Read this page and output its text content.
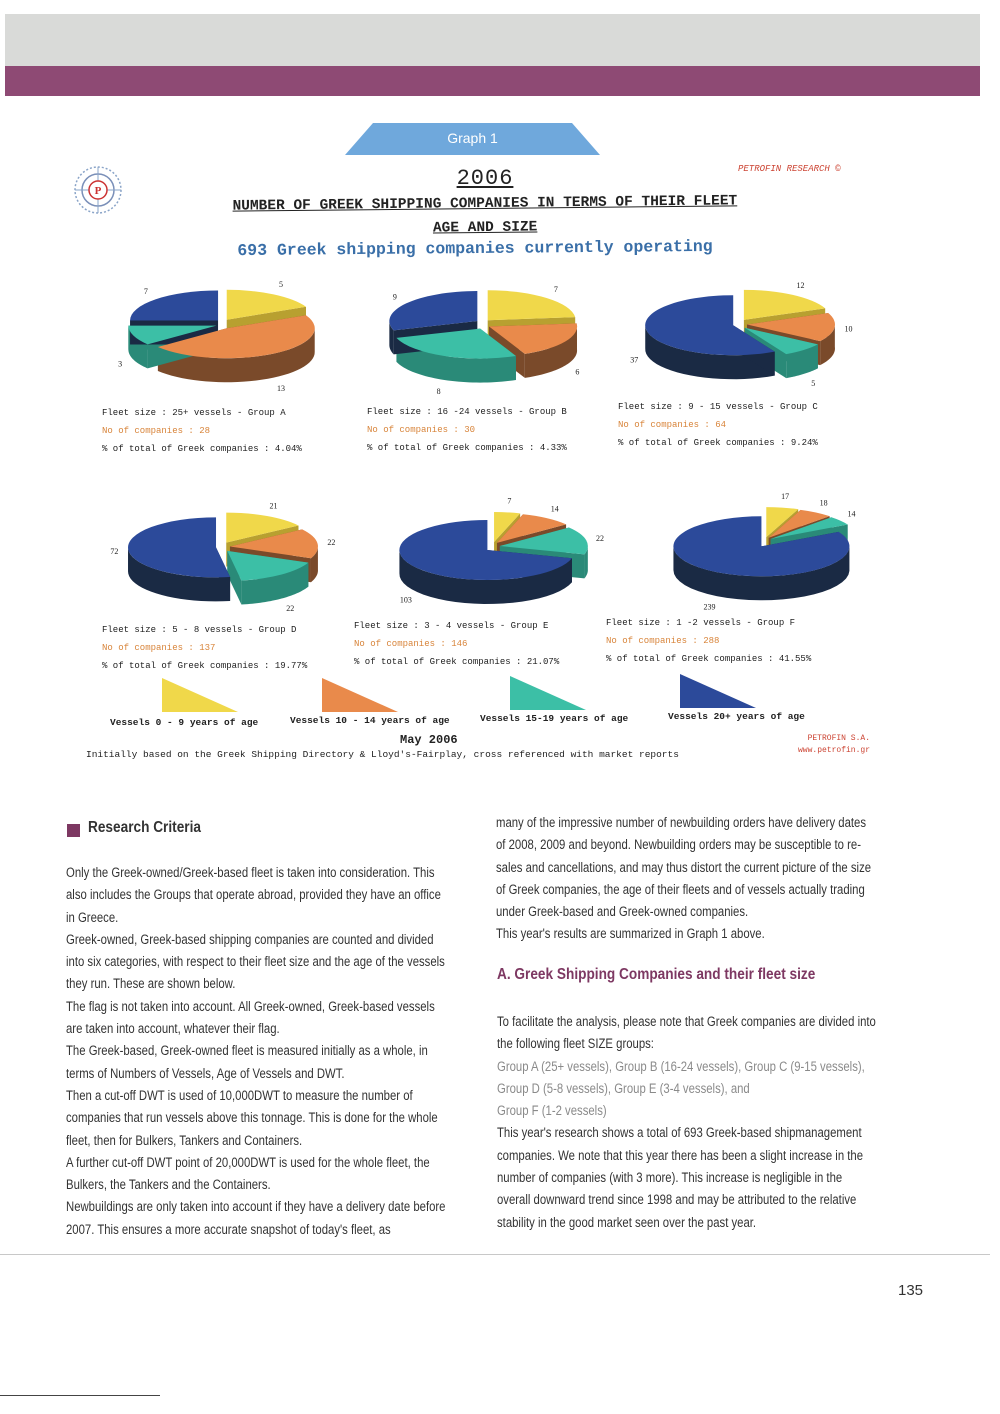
Graph 1
P
PETROFIN RESEARCH ©
2006
NUMBER OF GREEK SHIPPING COMPANIES IN TERMS OF THEIR FLEET
AGE AND SIZE
693 Greek shipping companies currently operating
5
13
3
7	7
6
8
9
12
10
5
37
21
22
22
72
7
14
22
103
17
18
14
239
Fleet size : 25+ vessels - Group A
No of companies : 28
% of total of Greek companies : 4.04%
Fleet size : 16 -24 vessels - Group B
No of companies : 30
% of total of Greek companies : 4.33%
Fleet size : 9 - 15 vessels - Group C
No of companies : 64
% of total of Greek companies : 9.24%
Fleet size : 5 - 8 vessels - Group D
No of companies : 137
% of total of Greek companies : 19.77%
Fleet size : 3 - 4 vessels - Group E
No of companies : 146
% of total of Greek companies : 21.07%
Fleet size : 1 -2 vessels - Group F
No of companies : 288
% of total of Greek companies : 41.55%
Vessels 0 - 9 years of age	Vessels 10 - 14 years of age	Vessels 15-19 years of age	Vessels 20+ years of age
May 2006
Initially based on the Greek Shipping Directory & Lloyd's-Fairplay, cross referenced with market reports
PETROFIN S.A.
www.petrofin.gr
Research Criteria

Only the Greek-owned/Greek-based fleet is taken into consideration. This also includes the Groups that operate abroad, provided they have an office in Greece.

Greek-owned, Greek-based shipping companies are counted and divided into six categories, with respect to their fleet size and the age of the vessels they run. These are shown below.

The flag is not taken into account. All Greek-owned, Greek-based vessels are taken into account, whatever their flag.

The Greek-based, Greek-owned fleet is measured initially as a whole, in terms of Numbers of Vessels, Age of Vessels and DWT.

Then a cut-off DWT is used of 10,000DWT to measure the number of companies that run vessels above this tonnage. This is done for the whole fleet, then for Bulkers, Tankers and Containers.

A further cut-off DWT point of 20,000DWT is used for the whole fleet, the Bulkers, the Tankers and the Containers.

Newbuildings are only taken into account if they have a delivery date before 2007. This ensures a more accurate snapshot of today's fleet, as

many of the impressive number of newbuilding orders have delivery dates of 2008, 2009 and beyond. Newbuilding orders may be susceptible to re-sales and cancellations, and may thus distort the current picture of the size of Greek companies, the age of their fleets and of vessels actually trading under Greek-based and Greek-owned companies.

This year's results are summarized in Graph 1 above.

A. Greek Shipping Companies and their fleet size

To facilitate the analysis, please note that Greek companies are divided into the following fleet SIZE groups:

Group A (25+ vessels), Group B (16-24 vessels), Group C (9-15 vessels),
Group D (5-8 vessels), Group E (3-4 vessels), and
Group F (1-2 vessels)

This year's research shows a total of 693 Greek-based shipmanagement companies. We note that this year there has been a slight increase in the number of companies (with 3 more). This increase is negligible in the overall downward trend since 1998 and may be attributed to the relative stability in the good market seen over the past year.

135
